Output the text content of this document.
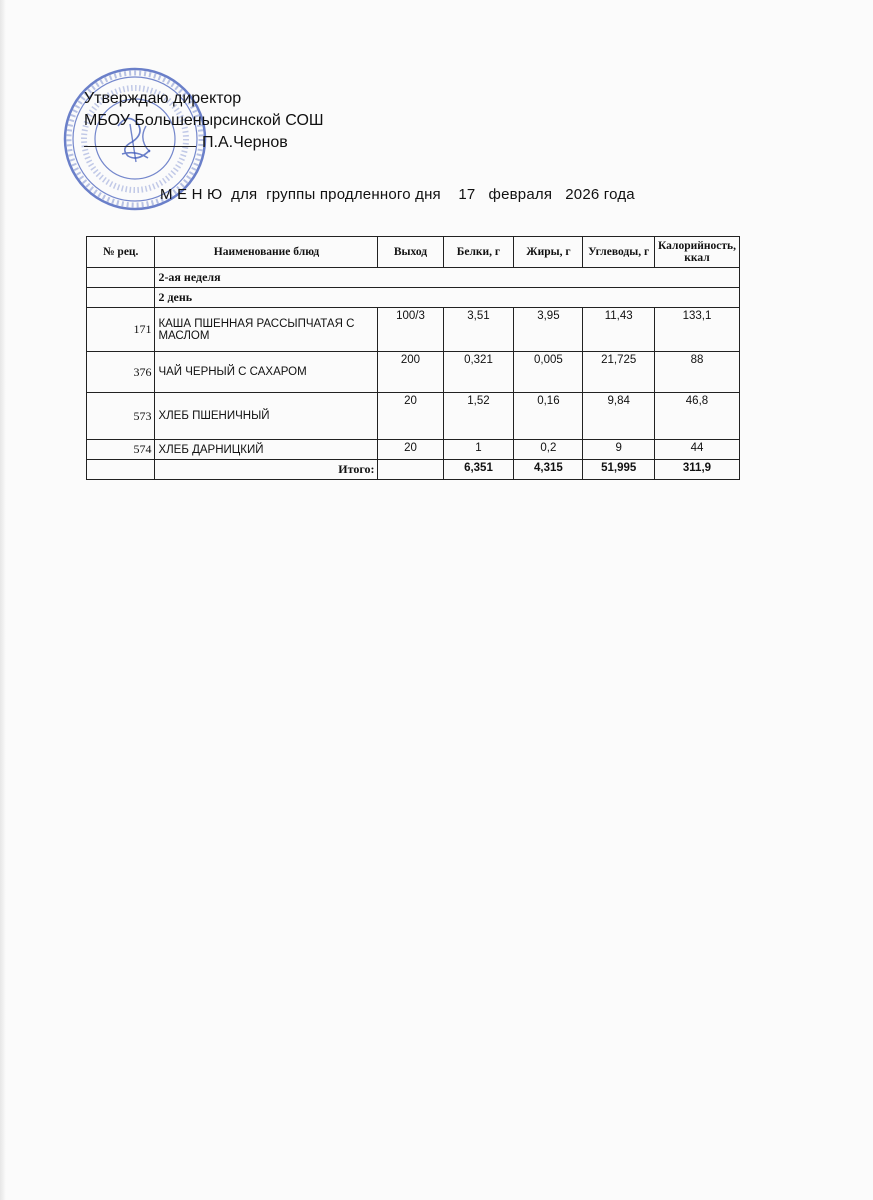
Утверждаю директор
МБОУ Большенырсинской СОШ
П.А.Чернов
М Е Н Ю  для  группы продленного дня    17   февраля   2026 года
№ рец.	Наименование блюд	Выход	Белки, г	Жиры, г	Углеводы, г	Калорийность, ккал
	2-ая неделя					
	2 день					
171	КАША ПШЕННАЯ РАССЫПЧАТАЯ С МАСЛОМ	100/3	3,51	3,95	11,43	133,1
376	ЧАЙ ЧЕРНЫЙ С САХАРОМ	200	0,321	0,005	21,725	88
573	ХЛЕБ ПШЕНИЧНЫЙ	20	1,52	0,16	9,84	46,8
574	ХЛЕБ ДАРНИЦКИЙ	20	1	0,2	9	44
	Итого:		6,351	4,315	51,995	311,9
